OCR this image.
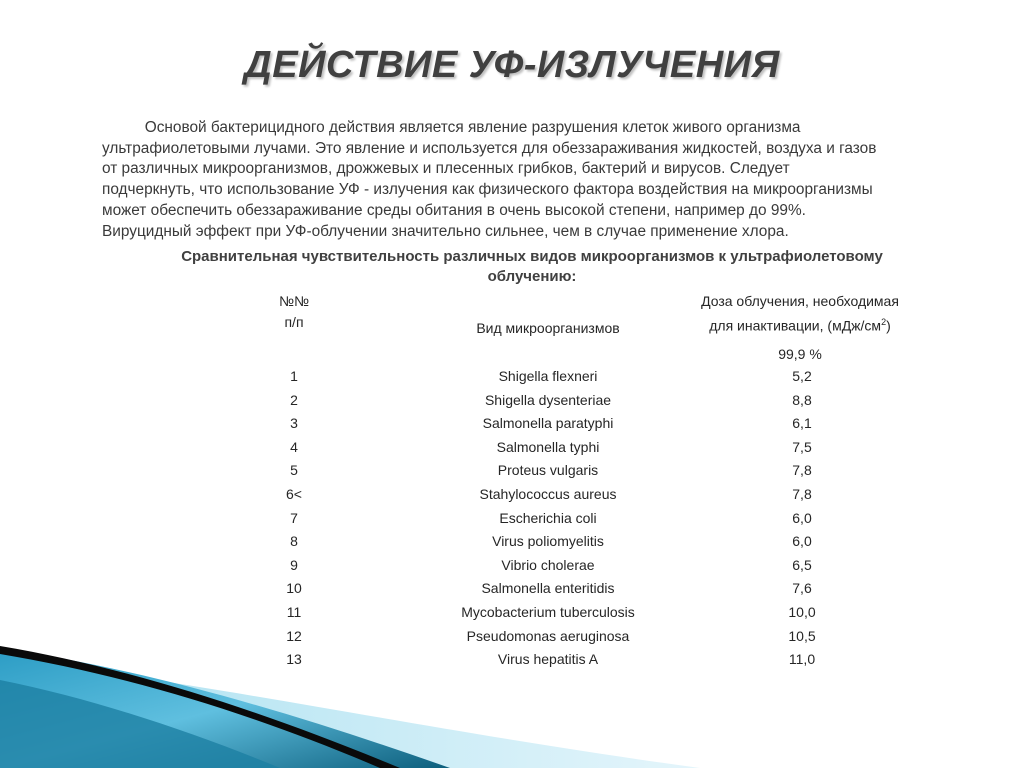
ДЕЙСТВИЕ УФ-ИЗЛУЧЕНИЯ

Основой бактерицидного действия является явление разрушения клеток живого организма

ультрафиолетовыми лучами. Это явление и используется для обеззараживания жидкостей, воздуха и газов

от различных микроорганизмов, дрожжевых и плесенных грибков, бактерий и вирусов. Следует

подчеркнуть, что использование УФ - излучения как физического фактора воздействия на микроорганизмы

может обеспечить обеззараживание среды обитания в очень высокой степени, например до 99%.

Вируцидный эффект при УФ-облучении значительно сильнее, чем в случае применение хлора.

Сравнительная чувствительность различных видов микроорганизмов к ультрафиолетовому
облучению:
№№
п/п	Вид микроорганизмов
Доза облучения, необходимая
для инактивации, $(мДж/см^2)$
99,9 %
1	Shigella flexneri	5,2
2	Shigella dysenteriae	8,8
3	Salmonella paratyphi	6,1
4	Salmonella typhi	7,5
5	Proteus vulgaris	7,8
6<	Stahylococcus aureus	7,8
7	Escherichia coli	6,0
8	Virus poliomyelitis	6,0
9	Vibrio cholerae	6,5
10	Salmonella enteritidis	7,6
11	Mycobacterium tuberculosis	10,0
12	Pseudomonas aeruginosa	10,5
13	Virus hepatitis A	11,0
